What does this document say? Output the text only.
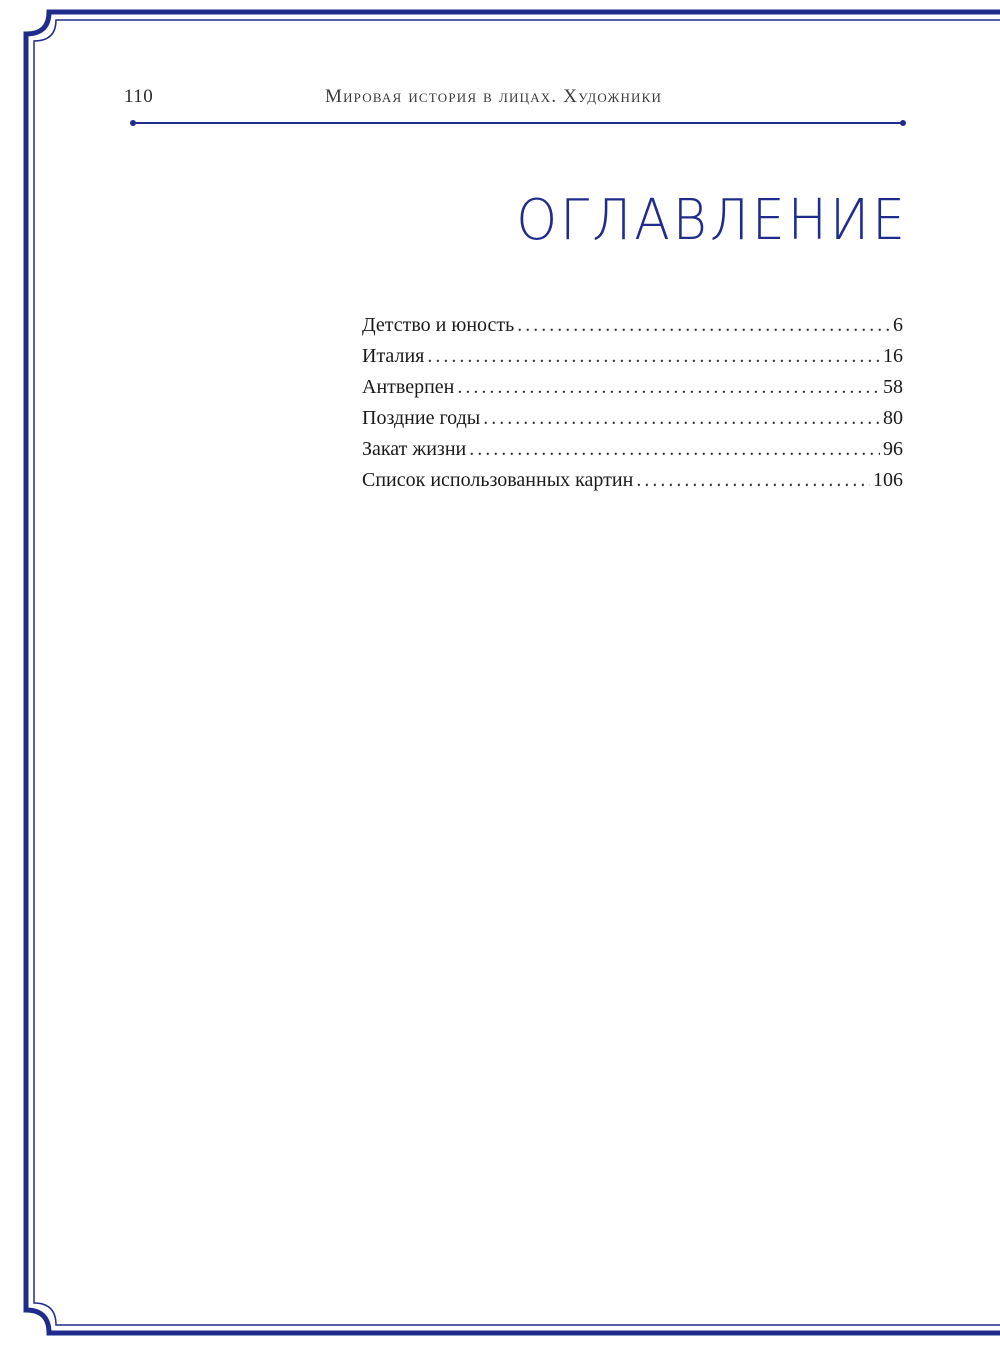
110	Мировая история в лицах. Художники
ОГЛАВЛЕНИЕ
Детство и юность . . .	6
Италия . . .	16
Антверпен . . .	58
Поздние годы . . .	80
Закат жизни . . .	96
Список использованных картин . . .	106
